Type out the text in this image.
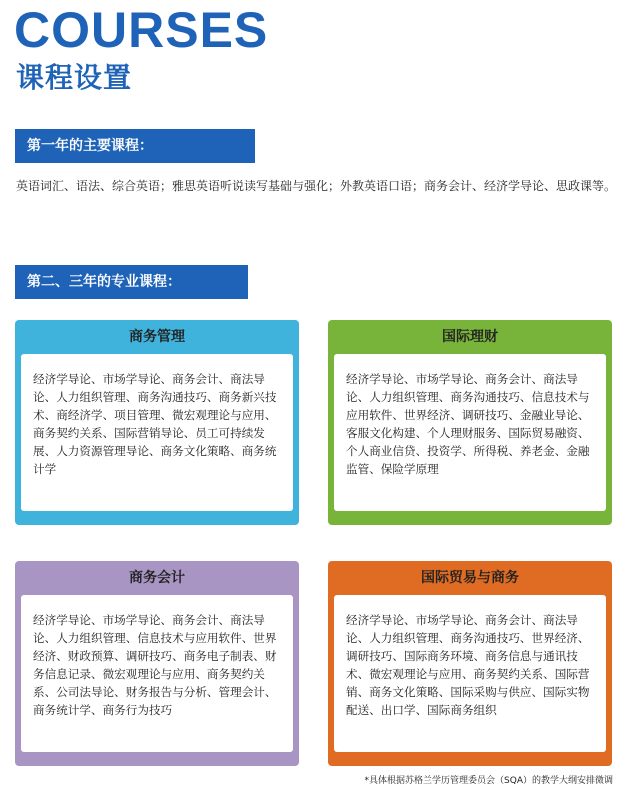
COURSES
课程设置
第一年的主要课程：
英语词汇、语法、综合英语；雅思英语听说读写基础与强化；外教英语口语；商务会计、经济学导论、思政课等。
第二、三年的专业课程：
商务管理
经济学导论、市场学导论、商务会计、商法导论、人力组织管理、商务沟通技巧、商务新兴技术、商经济学、项目管理、微宏观理论与应用、商务契约关系、国际营销导论、员工可持续发展、人力资源管理导论、商务文化策略、商务统计学
国际理财
经济学导论、市场学导论、商务会计、商法导论、人力组织管理、商务沟通技巧、信息技术与应用软件、世界经济、调研技巧、金融业导论、客服文化构建、个人理财服务、国际贸易融资、个人商业信贷、投资学、所得税、养老金、金融监管、保险学原理
商务会计
经济学导论、市场学导论、商务会计、商法导论、人力组织管理、信息技术与应用软件、世界经济、财政预算、调研技巧、商务电子制表、财务信息记录、微宏观理论与应用、商务契约关系、公司法导论、财务报告与分析、管理会计、商务统计学、商务行为技巧
国际贸易与商务
经济学导论、市场学导论、商务会计、商法导论、人力组织管理、商务沟通技巧、世界经济、调研技巧、国际商务环境、商务信息与通讯技术、微宏观理论与应用、商务契约关系、国际营销、商务文化策略、国际采购与供应、国际实物配送、出口学、国际商务组织
*具体根据苏格兰学历管理委员会（SQA）的教学大纲安排微调
